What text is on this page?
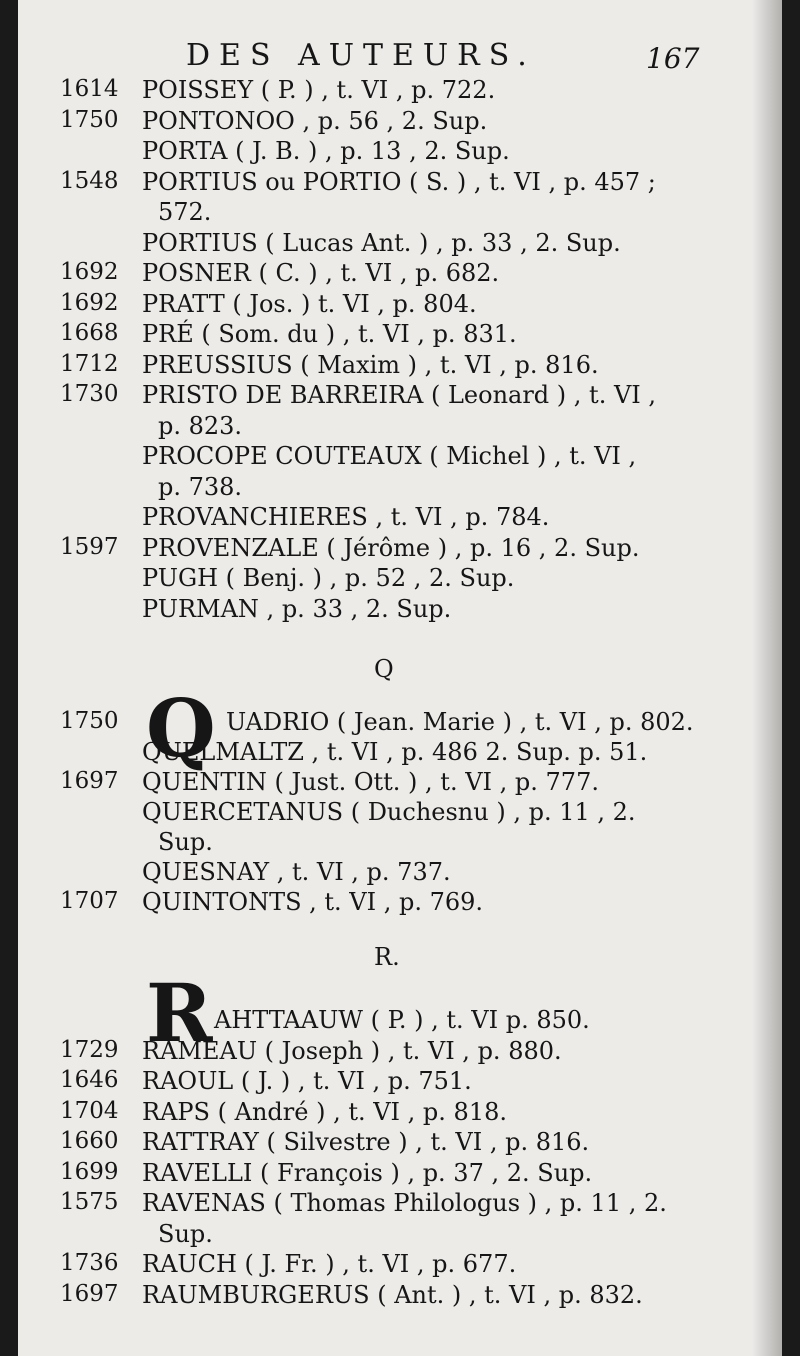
DES AUTEURS.	167
1614 POISSEY ( P. ) , t. VI , p. 722.
1750 PONTONOO , p. 56 , 2. Sup.
PORTA ( J. B. ) , p. 13 , 2. Sup.
1548 PORTIUS ou PORTIO ( S. ) , t. VI , p. 457 ;
572.
PORTIUS ( Lucas Ant. ) , p. 33 , 2. Sup.
1692 POSNER ( C. ) , t. VI , p. 682.
1692 PRATT ( Jos. ) t. VI , p. 804.
1668 PRÉ ( Som. du ) , t. VI , p. 831.
1712 PREUSSIUS ( Maxim ) , t. VI , p. 816.
1730 PRISTO DE BARREIRA ( Leonard ) , t. VI ,
p. 823.
PROCOPE COUTEAUX ( Michel ) , t. VI ,
p. 738.
PROVANCHIERES , t. VI , p. 784.
1597 PROVENZALE ( Jérôme ) , p. 16 , 2. Sup.
PUGH ( Benj. ) , p. 52 , 2. Sup.
PURMAN , p. 33 , 2. Sup.
Q
Q
1750	UADRIO ( Jean. Marie ) , t. VI , p. 802.
QUELMALTZ , t. VI , p. 486 2. Sup. p. 51.
1697 QUENTIN ( Just. Ott. ) , t. VI , p. 777.
QUERCETANUS ( Duchesnu ) , p. 11 , 2.
Sup.
QUESNAY , t. VI , p. 737.
1707 QUINTONTS , t. VI , p. 769.
R.
R AHTTAAUW ( P. ) , t. VI p. 850.
1729 RAMEAU ( Joseph ) , t. VI , p. 880.
1646 RAOUL ( J. ) , t. VI , p. 751.
1704 RAPS ( André ) , t. VI , p. 818.
1660 RATTRAY ( Silvestre ) , t. VI , p. 816.
1699 RAVELLI ( François ) , p. 37 , 2. Sup.
1575 RAVENAS ( Thomas Philologus ) , p. 11 , 2.
Sup.
1736 RAUCH ( J. Fr. ) , t. VI , p. 677.
1697 RAUMBURGERUS ( Ant. ) , t. VI , p. 832.
